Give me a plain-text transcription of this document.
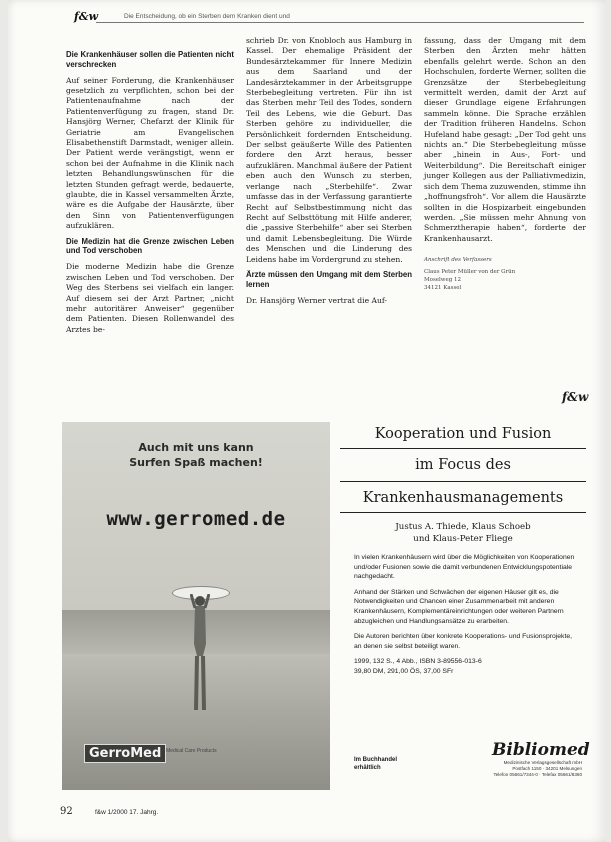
f&w	Die Entscheidung, ob ein Sterben dem Kranken dient und
Die Krankenhäuser sollen die Patienten nicht verschrecken

Auf seiner Forderung, die Krankenhäuser gesetzlich zu verpflichten, schon bei der Patientenaufnahme nach der Patientenverfügung zu fragen, stand Dr. Hansjörg Werner, Chefarzt der Klinik für Geriatrie am Evangelischen Elisabethenstift Darmstadt, weniger allein. Der Patient werde verängstigt, wenn er schon bei der Aufnahme in die Klinik nach letzten Behandlungswünschen für die letzten Stunden gefragt werde, bedauerte, glaubte, die in Kassel versammelten Ärzte, wäre es die Aufgabe der Hausärzte, über den Sinn von Patientenverfügungen aufzuklären.

Die Medizin hat die Grenze zwischen Leben und Tod verschoben

Die moderne Medizin habe die Grenze zwischen Leben und Tod verschoben. Der Weg des Sterbens sei vielfach ein langer. Auf diesem sei der Arzt Partner, „nicht mehr autoritärer Anweiser“ gegenüber dem Patienten. Diesen Rollenwandel des Arztes be-

schrieb Dr. von Knobloch aus Hamburg in Kassel. Der ehemalige Präsident der Bundesärztekammer für Innere Medizin aus dem Saarland und der Landesärztekammer in der Arbeitsgruppe Sterbebegleitung vertreten. Für ihn ist das Sterben mehr Teil des Todes, sondern Teil des Lebens, wie die Geburt. Das Sterben gehöre zu individueller, die Persönlichkeit fordernden Entscheidung. Der selbst geäußerte Wille des Patienten fordere den Arzt heraus, besser aufzuklären. Manchmal äußere der Patient eben auch den Wunsch zu sterben, verlange nach „Sterbehilfe“. Zwar umfasse das in der Verfassung garantierte Recht auf Selbstbestimmung nicht das Recht auf Selbsttötung mit Hilfe anderer, die „passive Sterbehilfe“ aber sei Sterben und damit Lebensbegleitung. Die Würde des Menschen und die Linderung des Leidens habe im Vordergrund zu stehen.

Ärzte müssen den Umgang mit dem Sterben lernen

Dr. Hansjörg Werner vertrat die Auf-

fassung, dass der Umgang mit dem Sterben den Ärzten mehr hätten ebenfalls gelehrt werde. Schon an den Hochschulen, forderte Werner, sollten die Grenzsätze der Sterbebegleitung vermittelt werden, damit der Arzt auf dieser Grundlage eigene Erfahrungen sammeln könne. Die Sprache erzählen der Tradition früheren Handelns. Schon Hufeland habe gesagt: „Der Tod geht uns nichts an.“ Die Sterbebegleitung müsse aber „hinein in Aus-, Fort- und Weiterbildung“. Die Bereitschaft einiger junger Kollegen aus der Palliativmedizin, sich dem Thema zuzuwenden, stimme ihn „hoffnungsfroh“. Vor allem die Hausärzte sollten in die Hospizarbeit eingebunden werden. „Sie müssen mehr Ahnung von Schmerztherapie haben“, forderte der Krankenhausarzt.

Anschrift des Verfassers
Claus Peter Müller von der Grün
Moselweg 12
34121 Kassel
f&w
Auch mit uns kann
Surfen Spaß machen!
www.gerromed.de
GerroMed Medical Care Products
Kooperation und Fusion
im Focus des
Krankenhausmanagements
Justus A. Thiede, Klaus Schoeb
und Klaus-Peter Fliege

In vielen Krankenhäusern wird über die Möglichkeiten von Kooperationen und/oder Fusionen sowie die damit verbundenen Entwicklungspotentiale nachgedacht.

Anhand der Stärken und Schwächen der eigenen Häuser gilt es, die Notwendigkeiten und Chancen einer Zusammenarbeit mit anderen Krankenhäusern, Komplementäreinrichtungen oder weiteren Partnern abzugleichen und Handlungsansätze zu erarbeiten.

Die Autoren berichten über konkrete Kooperations- und Fusionsprojekte, an denen sie selbst beteiligt waren.

1999, 132 S., 4 Abb., ISBN 3-89556-013-6
39,80 DM, 291,00 ÖS, 37,00 SFr
Im Buchhandel
erhältlich
Bibliomed
Medizinische Verlagsgesellschaft mbH
Postfach 1150 · 34201 Melsungen
Telefon 05661/7344-0 · Telefax 05661/8360
92	f&w 1/2000 17. Jahrg.
